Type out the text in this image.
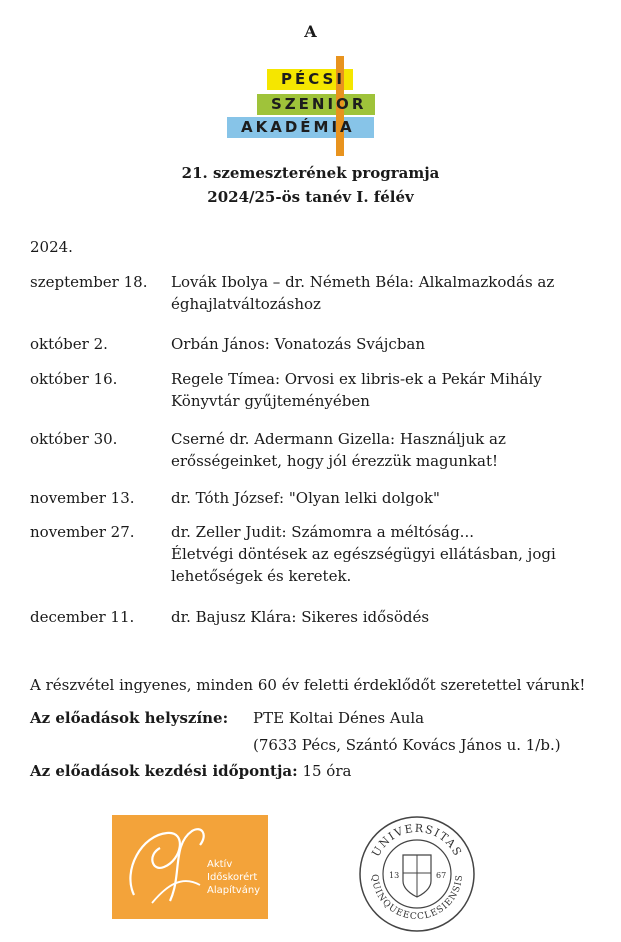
A
PÉCSI
SZENIOR
AKADÉMIA
21. szemeszterének programja
2024/25-ös tanév I. félév
2024.
szeptember 18.	Lovák Ibolya – dr. Németh Béla: Alkalmazkodás az
éghajlatváltozáshoz
október 2.	Orbán János: Vonatozás Svájcban
október 16.	Regele Tímea: Orvosi ex libris-ek a Pekár Mihály
Könyvtár gyűjteményében
október 30.	Cserné dr. Adermann Gizella: Használjuk az
erősségeinket, hogy jól érezzük magunkat!
november 13.	dr. Tóth József: "Olyan lelki dolgok"
november 27.	dr. Zeller Judit: Számomra a méltóság...
Életvégi döntések az egészségügyi ellátásban, jogi
lehetőségek és keretek.
december 11.	dr. Bajusz Klára: Sikeres idősödés
A részvétel ingyenes, minden 60 év feletti érdeklődőt szeretettel várunk!
Az előadások helyszíne: PTE Koltai Dénes Aula
(7633 Pécs, Szántó Kovács János u. 1/b.)
Az előadások kezdési időpontja: 15 óra
Aktív
Időskorért
Alapítvány
UNIVERSITAS
QUINQUEECCLESIENSIS
13	67
